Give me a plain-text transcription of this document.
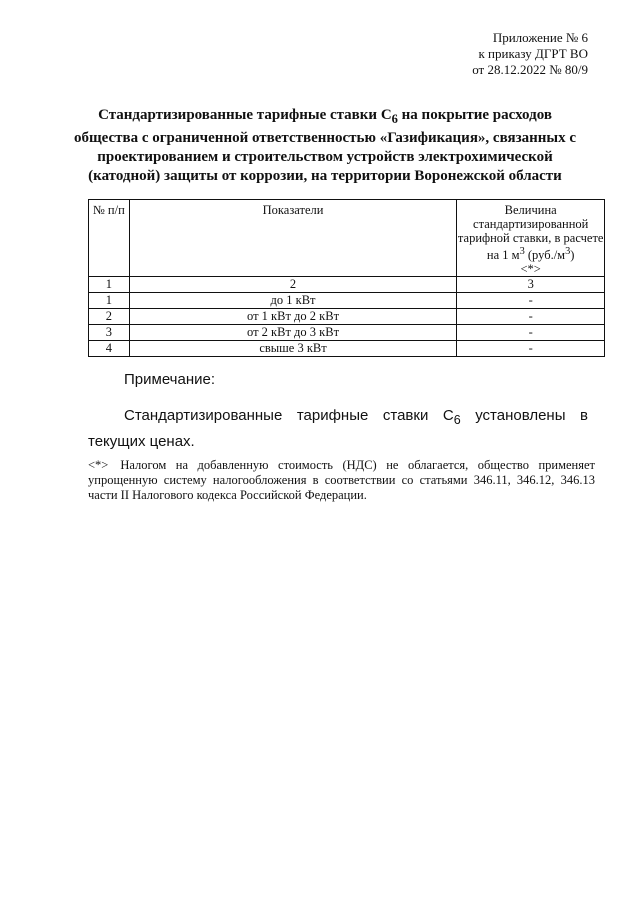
Приложение № 6
к приказу ДГРТ ВО
от 28.12.2022 № 80/9
Стандартизированные тарифные ставки $С_6$ на покрытие расходов общества с ограниченной ответственностью «Газификация», связанных с проектированием и строительством устройств электрохимической (катодной) защиты от коррозии, на территории Воронежской области
№ п/п	Показатели	Величина стандартизированной тарифной ставки, в расчете на 1 $м^3$ $(руб./м^3)$
<*>
1	2	3
1	до 1 кВт	-
2	от 1 кВт до 2 кВт	-
3	от 2 кВт до 3 кВт	-
4	свыше 3 кВт	-
Примечание:
Стандартизированные тарифные ставки $С_6$ установлены в текущих ценах.
<*> Налогом на добавленную стоимость (НДС) не облагается, общество применяет упрощенную систему налогообложения в соответствии со статьями 346.11, 346.12, 346.13 части II Налогового кодекса Российской Федерации.
